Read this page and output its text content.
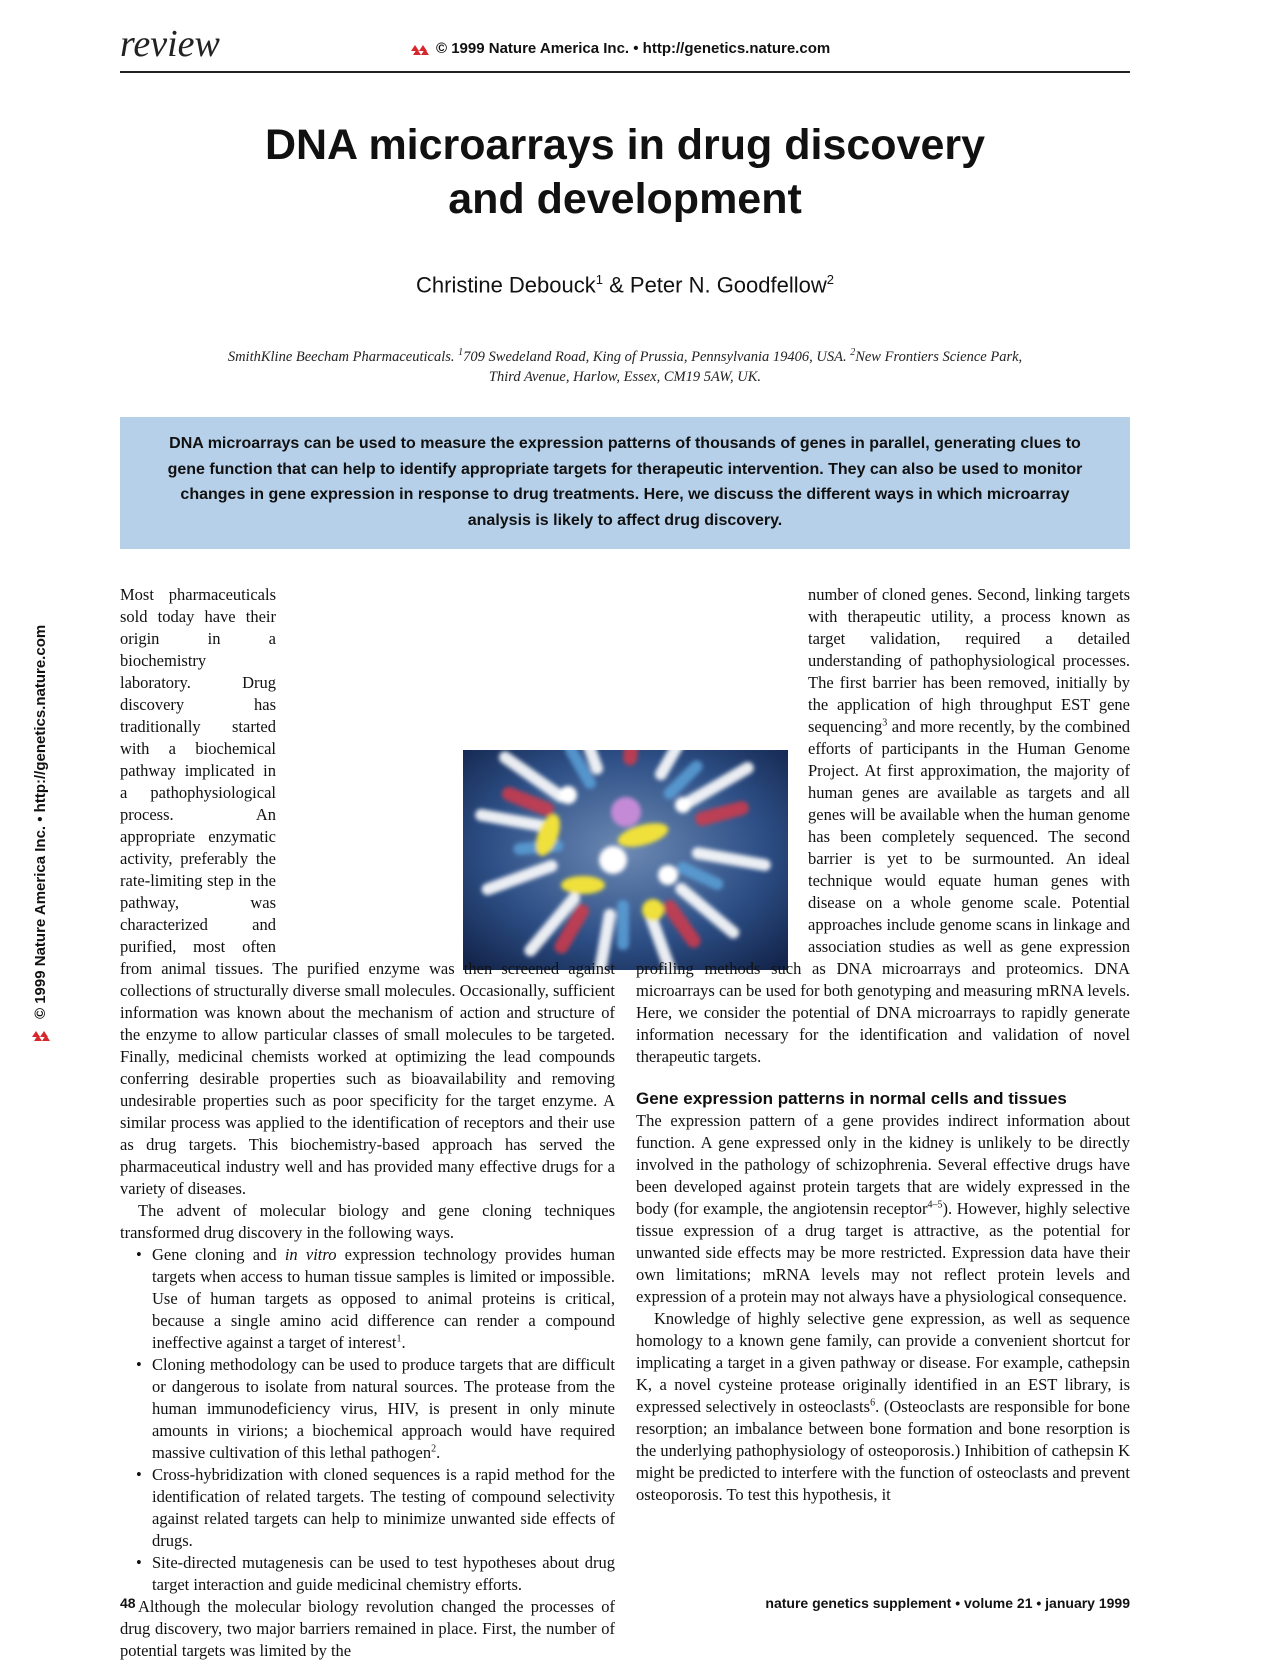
review	© 1999 Nature America Inc. • http://genetics.nature.com
DNA microarrays in drug discovery
and development
Christine Debouck$^1$ & Peter N. Goodfellow$^2$
SmithKline Beecham Pharmaceuticals. $^1$709 Swedeland Road, King of Prussia, Pennsylvania 19406, USA. $^2$New Frontiers Science Park,
Third Avenue, Harlow, Essex, CM19 5AW, UK.
DNA microarrays can be used to measure the expression patterns of thousands of genes in parallel, generating clues to gene function that can help to identify appropriate targets for therapeutic intervention. They can also be used to monitor changes in gene expression in response to drug treatments. Here, we discuss the different ways in which microarray analysis is likely to affect drug discovery.
© 1999 Nature America Inc. • http://genetics.nature.com

Most pharmaceuticals sold today have their origin in a biochemistry laboratory. Drug discovery has traditionally started with a biochemical pathway implicated in a pathophysiological process. An appropriate enzymatic activity, preferably the rate-limiting step in the pathway, was characterized and purified, most often from animal tissues. The purified enzyme was then screened against collections of structurally diverse small molecules. Occasionally, sufficient information was known about the mechanism of action and structure of the enzyme to allow particular classes of small molecules to be targeted. Finally, medicinal chemists worked at optimizing the lead compounds conferring desirable properties such as bioavailability and removing undesirable properties such as poor specificity for the target enzyme. A similar process was applied to the identification of receptors and their use as drug targets. This biochemistry-based approach has served the pharmaceutical industry well and has provided many effective drugs for a variety of diseases.

The advent of molecular biology and gene cloning techniques transformed drug discovery in the following ways.

• Gene cloning and in vitro expression technology provides human targets when access to human tissue samples is limited or impossible. Use of human targets as opposed to animal proteins is critical, because a single amino acid difference can render a compound ineffective against a target of interest$^1$.
• Cloning methodology can be used to produce targets that are difficult or dangerous to isolate from natural sources. The protease from the human immunodeficiency virus, HIV, is present in only minute amounts in virions; a biochemical approach would have required massive cultivation of this lethal pathogen$^2$.
• Cross-hybridization with cloned sequences is a rapid method for the identification of related targets. The testing of compound selectivity against related targets can help to minimize unwanted side effects of drugs.
• Site-directed mutagenesis can be used to test hypotheses about drug target interaction and guide medicinal chemistry efforts.

Although the molecular biology revolution changed the processes of drug discovery, two major barriers remained in place. First, the number of potential targets was limited by the

number of cloned genes. Second, linking targets with therapeutic utility, a process known as target validation, required a detailed understanding of pathophysiological processes. The first barrier has been removed, initially by the application of high throughput EST gene sequencing$^3$ and more recently, by the combined efforts of participants in the Human Genome Project. At first approximation, the majority of human genes are available as targets and all genes will be available when the human genome has been completely sequenced. The second barrier is yet to be surmounted. An ideal technique would equate human genes with disease on a whole genome scale. Potential approaches include genome scans in linkage and association studies as well as gene expression profiling methods such as DNA microarrays and proteomics. DNA microarrays can be used for both genotyping and measuring mRNA levels. Here, we consider the potential of DNA microarrays to rapidly generate information necessary for the identification and validation of novel therapeutic targets.

Gene expression patterns in normal cells and tissues

The expression pattern of a gene provides indirect information about function. A gene expressed only in the kidney is unlikely to be directly involved in the pathology of schizophrenia. Several effective drugs have been developed against protein targets that are widely expressed in the body (for example, the angiotensin receptor$^{4-5}$). However, highly selective tissue expression of a drug target is attractive, as the potential for unwanted side effects may be more restricted. Expression data have their own limitations; mRNA levels may not reflect protein levels and expression of a protein may not always have a physiological consequence.

Knowledge of highly selective gene expression, as well as sequence homology to a known gene family, can provide a convenient shortcut for implicating a target in a given pathway or disease. For example, cathepsin K, a novel cysteine protease originally identified in an EST library, is expressed selectively in osteoclasts$^6$. (Osteoclasts are responsible for bone resorption; an imbalance between bone formation and bone resorption is the underlying pathophysiology of osteoporosis.) Inhibition of cathepsin K might be predicted to interfere with the function of osteoclasts and prevent osteoporosis. To test this hypothesis, it

48	nature genetics supplement • volume 21 • january 1999
